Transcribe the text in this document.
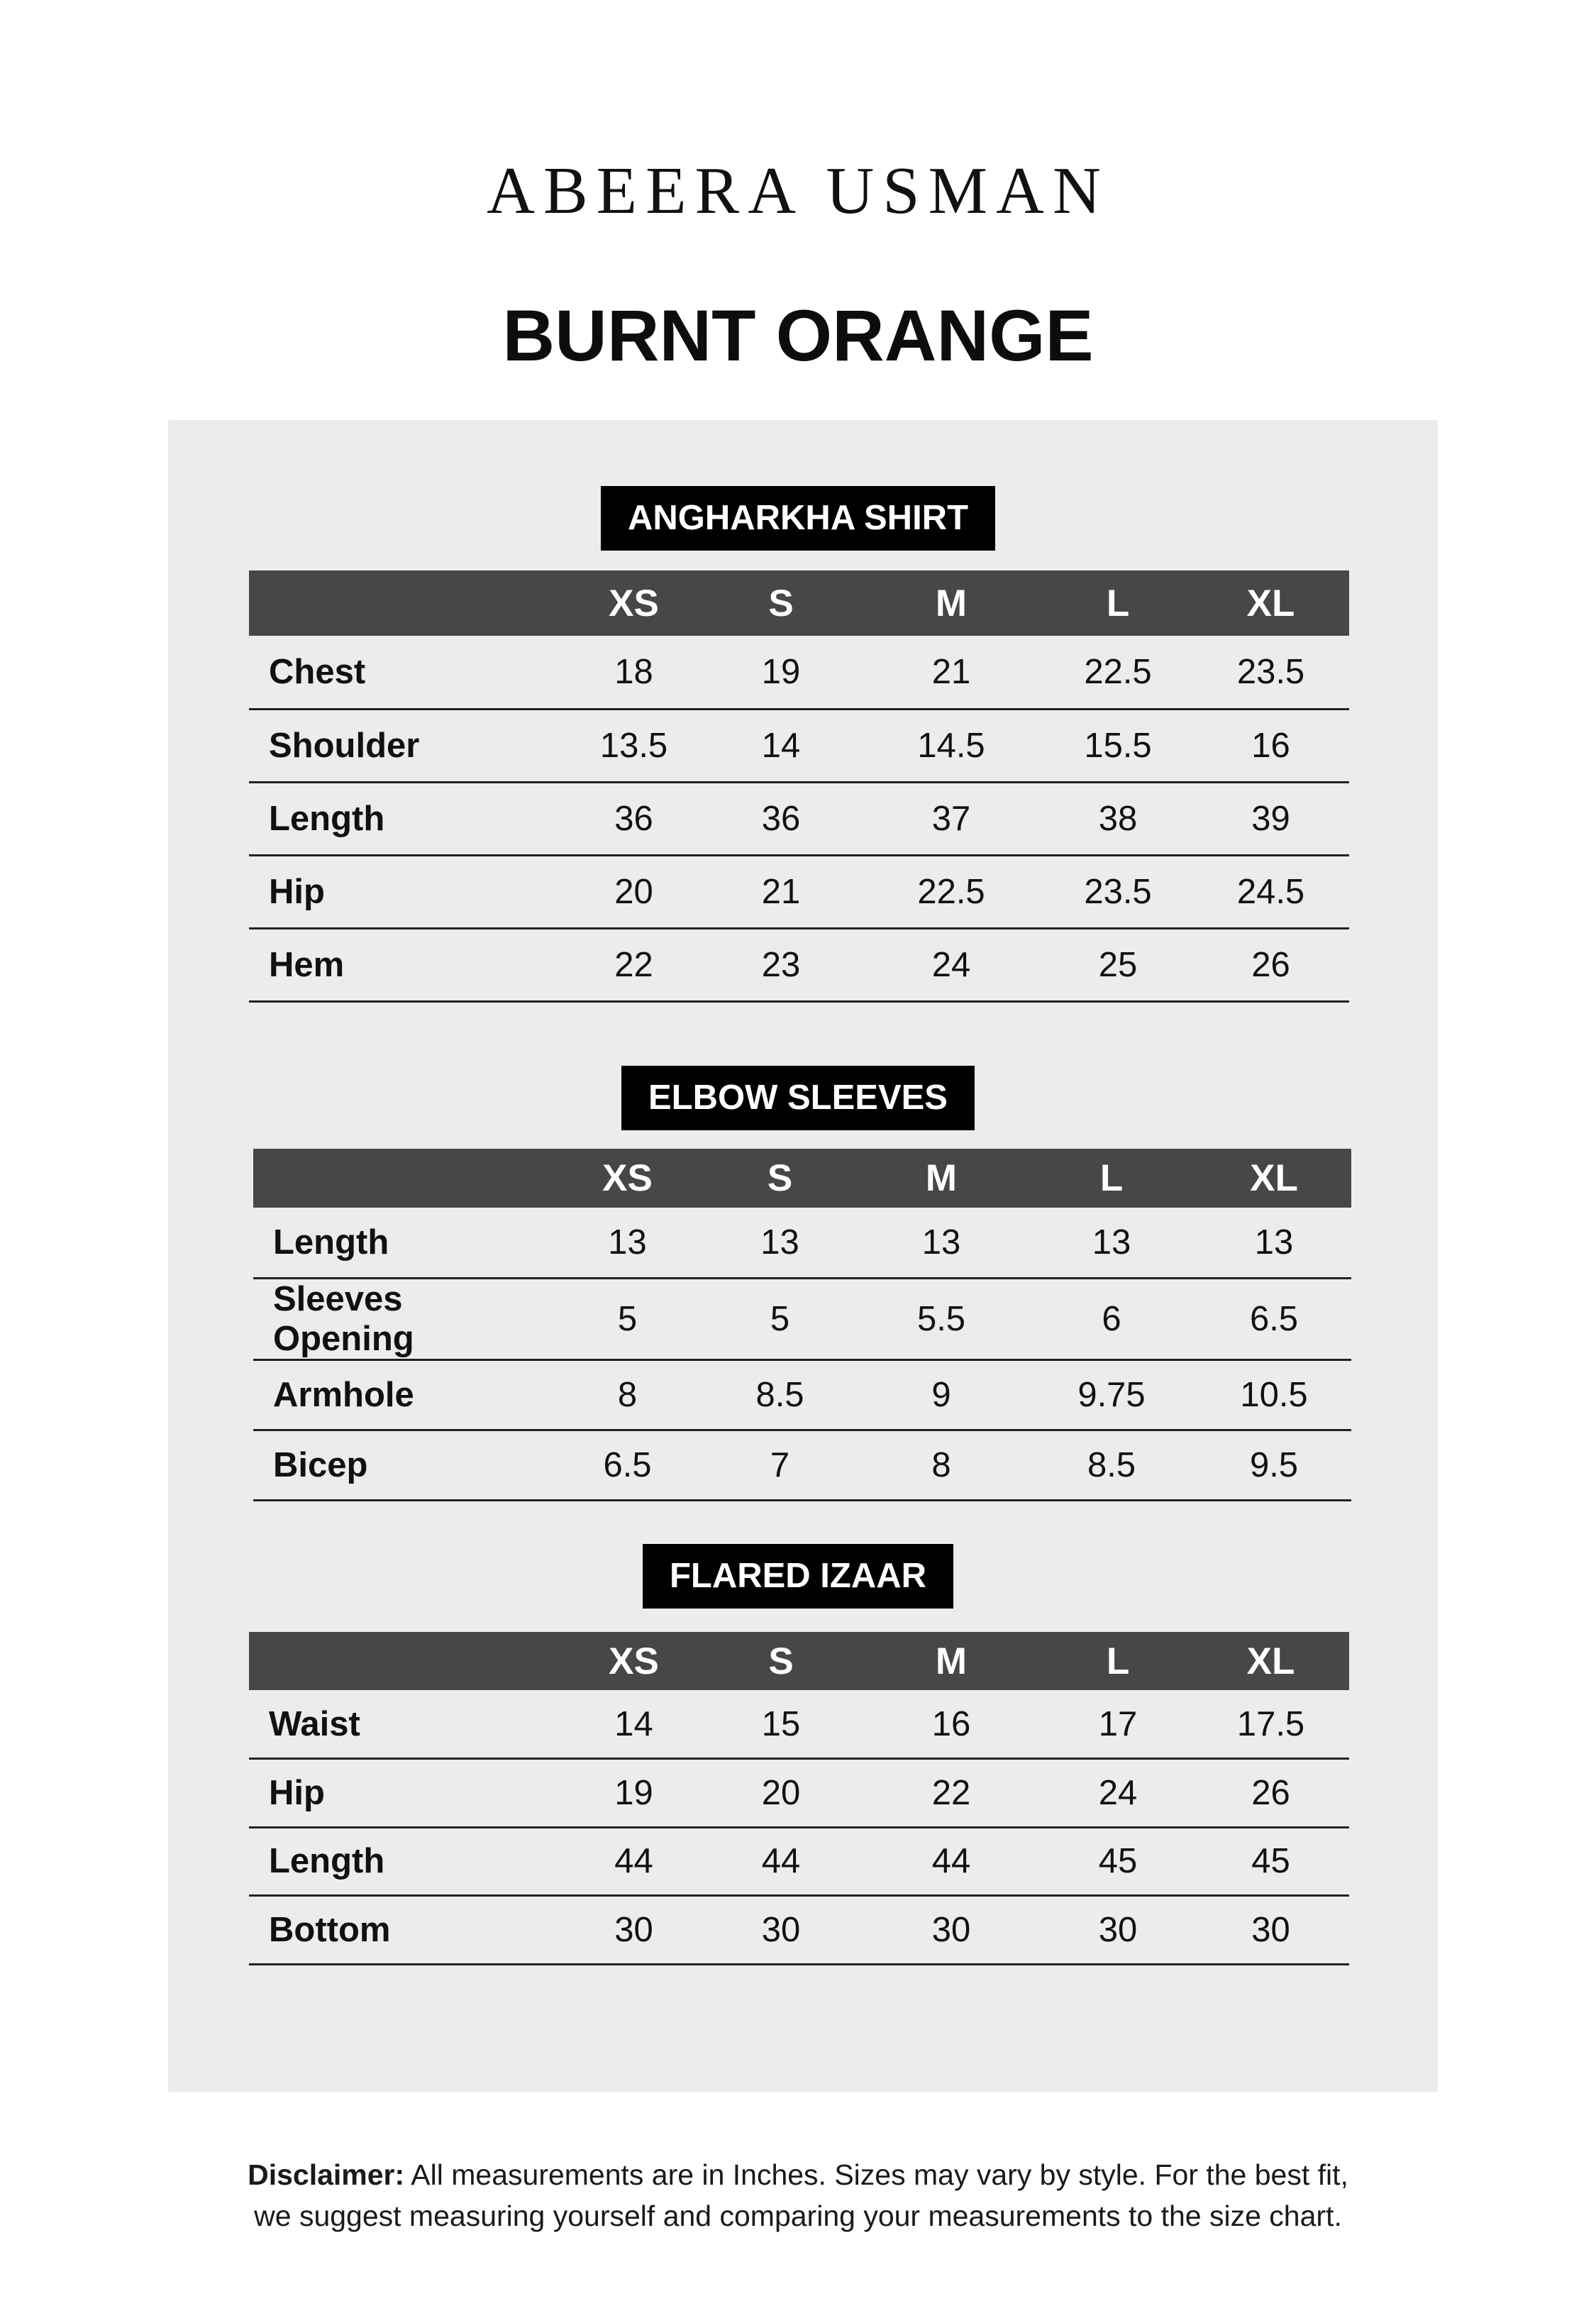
ABEERA USMAN
BURNT ORANGE
Disclaimer: All measurements are in Inches. Sizes may vary by style. For the best fit,
we suggest measuring yourself and comparing your measurements to the size chart.
ANGHARKHA SHIRT
	XS	S	M	L	XL
Chest	18	19	21	22.5	23.5
Shoulder	13.5	14	14.5	15.5	16
Length	36	36	37	38	39
Hip	20	21	22.5	23.5	24.5
Hem	22	23	24	25	26
ELBOW SLEEVES
	XS	S	M	L	XL
Length	13	13	13	13	13
Sleeves Opening	5	5	5.5	6	6.5
Armhole	8	8.5	9	9.75	10.5
Bicep	6.5	7	8	8.5	9.5
FLARED IZAAR
	XS	S	M	L	XL
Waist	14	15	16	17	17.5
Hip	19	20	22	24	26
Length	44	44	44	45	45
Bottom	30	30	30	30	30
